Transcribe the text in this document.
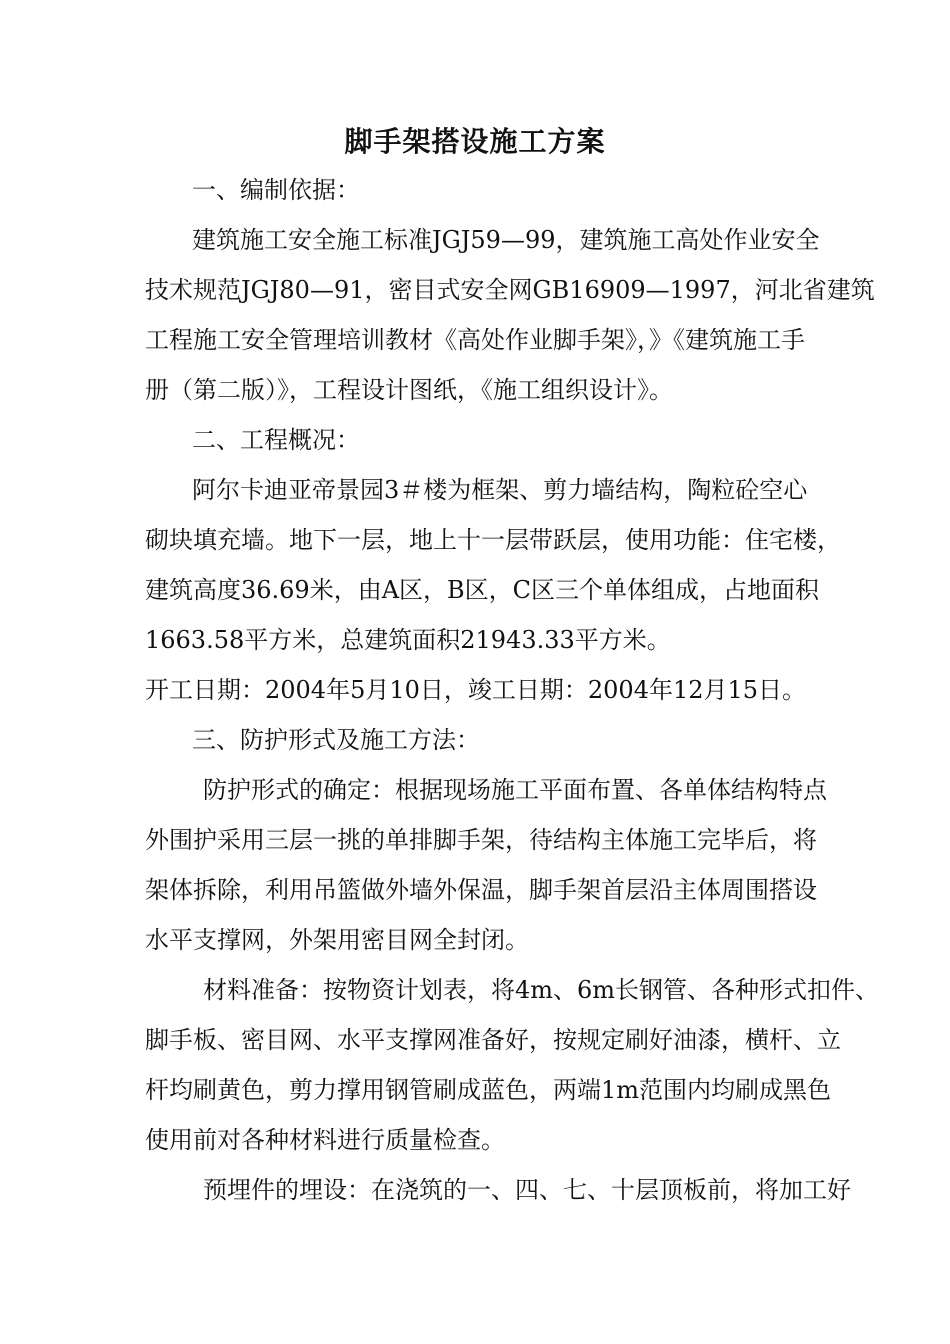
脚手架搭设施工方案
一、编制依据：
建筑施工安全施工标准JGJ59—99，建筑施工高处作业安全
技术规范JGJ80—91，密目式安全网GB16909—1997，河北省建筑
工程施工安全管理培训教材《高处作业脚手架》，》《建筑施工手
册（第二版）》，工程设计图纸，《施工组织设计》。
二、工程概况：
阿尔卡迪亚帝景园3＃楼为框架、剪力墙结构，陶粒砼空心
砌块填充墙。地下一层，地上十一层带跃层，使用功能：住宅楼，
建筑高度36.69米，由A区，B区，C区三个单体组成，占地面积
1663.58平方米，总建筑面积21943.33平方米。
开工日期：2004年5月10日，竣工日期：2004年12月15日。
三、防护形式及施工方法：
防护形式的确定：根据现场施工平面布置、各单体结构特点
外围护采用三层一挑的单排脚手架，待结构主体施工完毕后，将
架体拆除，利用吊篮做外墙外保温，脚手架首层沿主体周围搭设
水平支撑网，外架用密目网全封闭。
材料准备：按物资计划表，将4m、6m长钢管、各种形式扣件、
脚手板、密目网、水平支撑网准备好，按规定刷好油漆，横杆、立
杆均刷黄色，剪力撑用钢管刷成蓝色，两端1m范围内均刷成黑色
使用前对各种材料进行质量检查。
预埋件的埋设：在浇筑的一、四、七、十层顶板前，将加工好
